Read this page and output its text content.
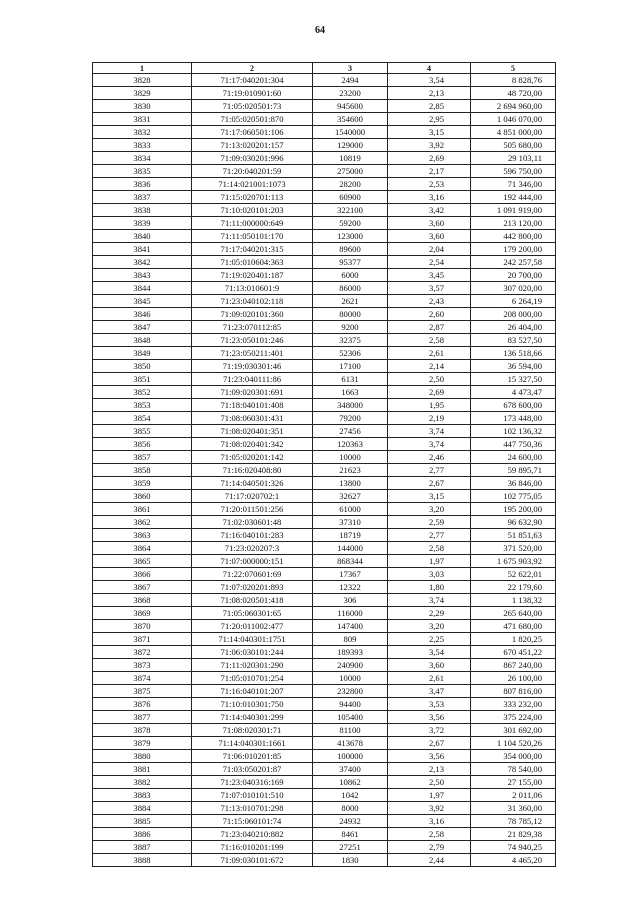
64
1	2	3	4	5
3828	71:17:040201:304	2494	3,54	8 828,76
3829	71:19:010901:60	23200	2,13	48 720,00
3830	71:05:020501:73	945600	2,85	2 694 960,00
3831	71:05:020501:870	354600	2,95	1 046 070,00
3832	71:17:060501:106	1540000	3,15	4 851 000,00
3833	71:13:020201:157	129000	3,92	505 680,00
3834	71:09:030201:996	10819	2,69	29 103,11
3835	71:20:040201:59	275000	2,17	596 750,00
3836	71:14:021001:1073	28200	2,53	71 346,00
3837	71:15:020701:113	60900	3,16	192 444,00
3838	71:10:020101:203	322100	3,42	1 091 919,00
3839	71:11:000000:649	59200	3,60	213 120,00
3840	71:11:050101:170	123000	3,60	442 800,00
3841	71:17:040201:315	89600	2,04	179 200,00
3842	71:05:010604:363	95377	2,54	242 257,58
3843	71:19:020401:187	6000	3,45	20 700,00
3844	71:13:010601:9	86000	3,57	307 020,00
3845	71:23:040102:118	2621	2,43	6 264,19
3846	71:09:020101:360	80000	2,60	208 000,00
3847	71:23:070112:85	9200	2,87	26 404,00
3848	71:23:050101:246	32375	2,58	83 527,50
3849	71:23:050211:401	52306	2,61	136 518,66
3850	71:19:030301:46	17100	2,14	36 594,00
3851	71:23:040111:86	6131	2,50	15 327,50
3852	71:09:020301:691	1663	2,69	4 473,47
3853	71:18:040101:408	348000	1,95	678 600,00
3854	71:08:060301:431	79200	2,19	173 448,00
3855	71:08:020401:351	27456	3,74	102 136,32
3856	71:08:020401:342	120363	3,74	447 750,36
3857	71:05:020201:142	10000	2,46	24 600,00
3858	71:16:020408:80	21623	2,77	59 895,71
3859	71:14:040501:326	13800	2,67	36 846,00
3860	71:17:020702:1	32627	3,15	102 775,05
3861	71:20:011501:256	61000	3,20	195 200,00
3862	71:02:030601:48	37310	2,59	96 632,90
3863	71:16:040101:283	18719	2,77	51 851,63
3864	71:23:020207:3	144000	2,58	371 520,00
3865	71:07:000000:151	868344	1,97	1 675 903,92
3866	71:22:070601:69	17367	3,03	52 622,01
3867	71:07:020201:893	12322	1,80	22 179,60
3868	71:08:020501:418	306	3,74	1 138,32
3869	71:05:060301:65	116000	2,29	265 640,00
3870	71:20:011002:477	147400	3,20	471 680,00
3871	71:14:040301:1751	809	2,25	1 820,25
3872	71:06:030101:244	189393	3,54	670 451,22
3873	71:11:020301:290	240900	3,60	867 240,00
3874	71:05:010701:254	10000	2,61	26 100,00
3875	71:16:040101:207	232800	3,47	807 816,00
3876	71:10:010301:750	94400	3,53	333 232,00
3877	71:14:040301:299	105400	3,56	375 224,00
3878	71:08:020301:71	81100	3,72	301 692,00
3879	71:14:040301:1661	413678	2,67	1 104 520,26
3880	71:06:010201:85	100000	3,56	354 000,00
3881	71:03:050201:87	37400	2,13	78 540,00
3882	71:23:040316:169	10862	2,50	27 155,00
3883	71:07:010101:510	1042	1,97	2 011,06
3884	71:13:010701:298	8000	3,92	31 360,00
3885	71:15:060101:74	24932	3,16	78 785,12
3886	71:23:040210:882	8461	2,58	21 829,38
3887	71:16:010201:199	27251	2,79	74 940,25
3888	71:09:030101:672	1830	2,44	4 465,20
